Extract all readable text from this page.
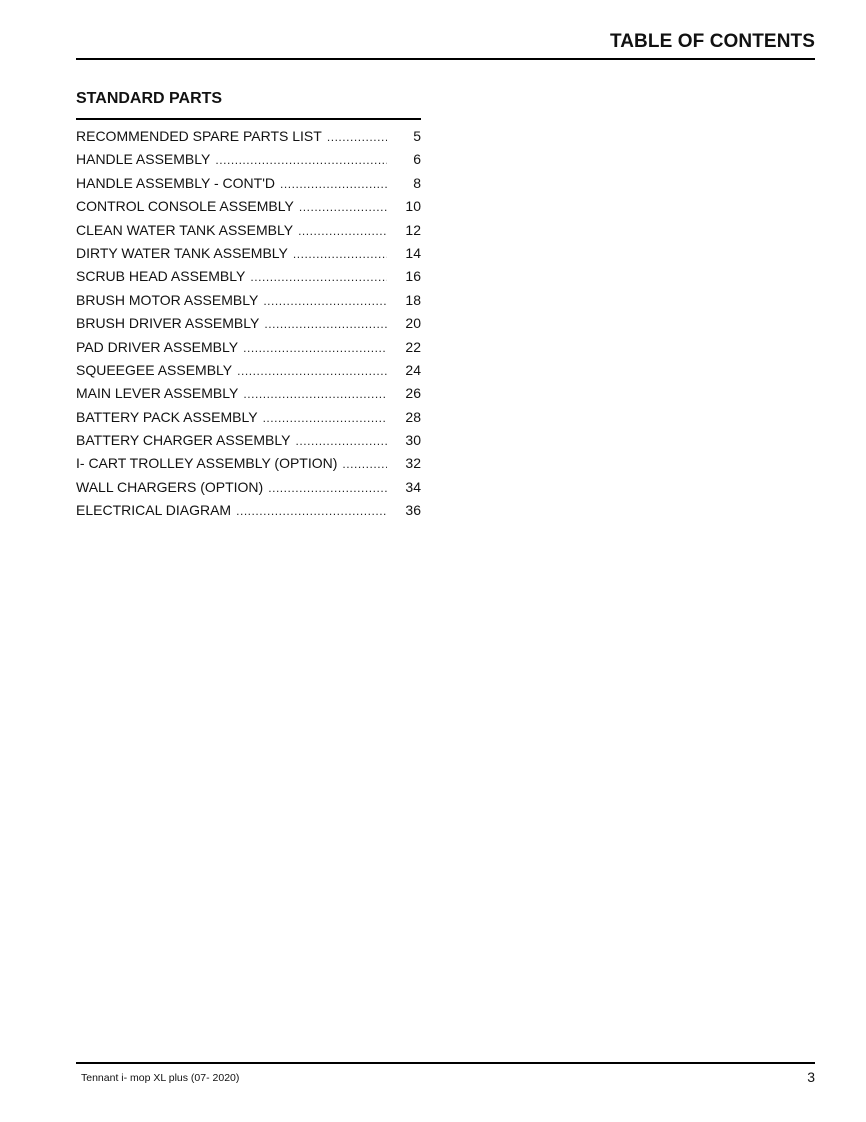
TABLE OF CONTENTS
STANDARD PARTS
RECOMMENDED SPARE PARTS LIST . . .	5
HANDLE ASSEMBLY . . .	6
HANDLE ASSEMBLY - CONT'D . . .	8
CONTROL CONSOLE ASSEMBLY . . .	10
CLEAN WATER TANK ASSEMBLY . . .	12
DIRTY WATER TANK ASSEMBLY . . .	14
SCRUB HEAD ASSEMBLY . . .	16
BRUSH MOTOR ASSEMBLY . . .	18
BRUSH DRIVER ASSEMBLY . . .	20
PAD DRIVER ASSEMBLY . . .	22
SQUEEGEE ASSEMBLY . . .	24
MAIN LEVER ASSEMBLY . . .	26
BATTERY PACK ASSEMBLY . . .	28
BATTERY CHARGER ASSEMBLY . . .	30
I- CART TROLLEY ASSEMBLY (OPTION) . . .	32
WALL CHARGERS (OPTION) . . .	34
ELECTRICAL DIAGRAM . . .	36
Tennant i- mop XL plus (07- 2020)	3
